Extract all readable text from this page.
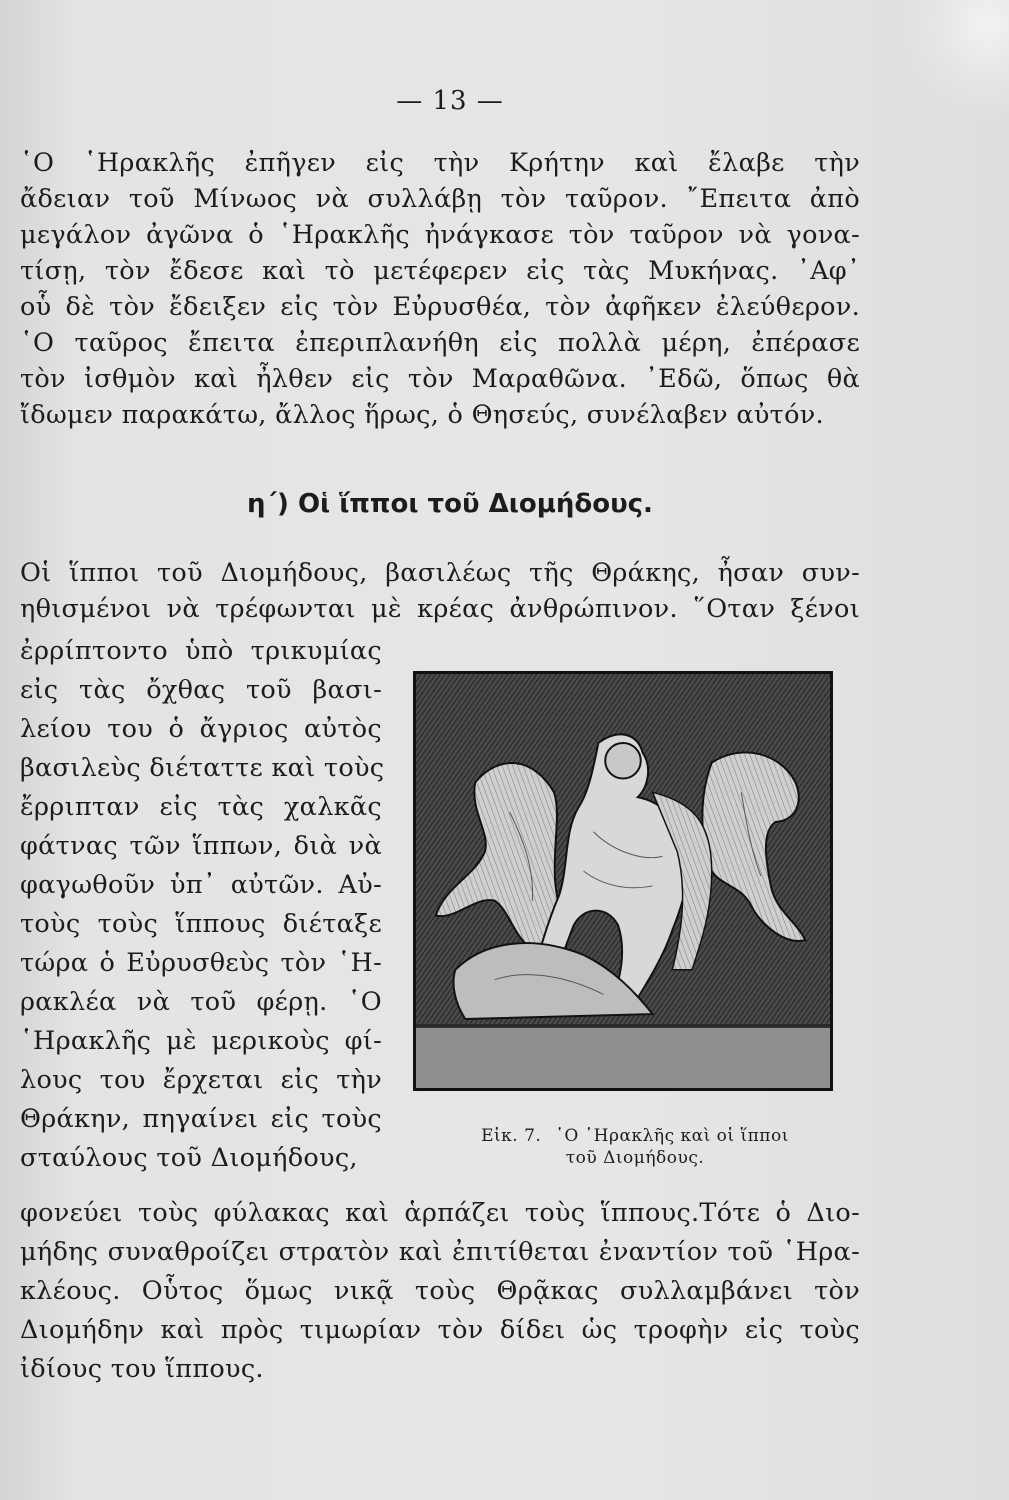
— 13 —
῾Ο ῾Ηρακλῆς ἐπῆγεν εἰς τὴν Κρήτην καὶ ἔλαβε τὴν
ἄδειαν τοῦ Μίνωος νὰ συλλάβῃ τὸν ταῦρον. ῎Επειτα ἀπὸ
μεγάλον ἀγῶνα ὁ ῾Ηρακλῆς ἠνάγκασε τὸν ταῦρον νὰ γονα-
τίσῃ, τὸν ἔδεσε καὶ τὸ μετέφερεν εἰς τὰς Μυκήνας. ᾿Αφ᾿
οὗ δὲ τὸν ἔδειξεν εἰς τὸν Εὐρυσθέα, τὸν ἀφῆκεν ἐλεύθερον.
῾Ο ταῦρος ἔπειτα ἐπεριπλανήθη εἰς πολλὰ μέρη, ἐπέρασε
τὸν ἰσθμὸν καὶ ἦλθεν εἰς τὸν Μαραθῶνα. ᾿Εδῶ, ὅπως θὰ
ἴδωμεν παρακάτω, ἄλλος ἥρως, ὁ Θησεύς, συνέλαβεν αὐτόν.
η΄) Οἱ ἵπποι τοῦ Διομήδους.
Οἱ ἵπποι τοῦ Διομήδους, βασιλέως τῆς Θράκης, ἦσαν συν-
ηθισμένοι νὰ τρέφωνται μὲ κρέας ἀνθρώπινον. ῞Οταν ξένοι
ἐρρίπτοντο ὑπὸ τρικυμίας
εἰς τὰς ὄχθας τοῦ βασι-
λείου του ὁ ἄγριος αὐτὸς
βασιλεὺς διέταττε καὶ τοὺς
ἔρριπταν εἰς τὰς χαλκᾶς
φάτνας τῶν ἵππων, διὰ νὰ
φαγωθοῦν ὑπ᾿ αὐτῶν. Αὐ-
τοὺς τοὺς ἵππους διέταξε
τώρα ὁ Εὐρυσθεὺς τὸν ῾Η-
ρακλέα νὰ τοῦ φέρῃ. ῾Ο
῾Ηρακλῆς μὲ μερικοὺς φί-
λους του ἔρχεται εἰς τὴν
Θράκην, πηγαίνει εἰς τοὺς
σταύλους τοῦ Διομήδους,
Εἰκ. 7. ῾Ο ῾Ηρακλῆς καὶ οἱ ἵπποι
τοῦ Διομήδους.
φονεύει τοὺς φύλακας καὶ ἁρπάζει τοὺς ἵππους.Τότε ὁ Διο-
μήδης συναθροίζει στρατὸν καὶ ἐπιτίθεται ἐναντίον τοῦ ῾Ηρα-
κλέους. Οὗτος ὅμως νικᾷ τοὺς Θρᾷκας συλλαμβάνει τὸν
Διομήδην καὶ πρὸς τιμωρίαν τὸν δίδει ὡς τροφὴν εἰς τοὺς
ἰδίους του ἵππους.
